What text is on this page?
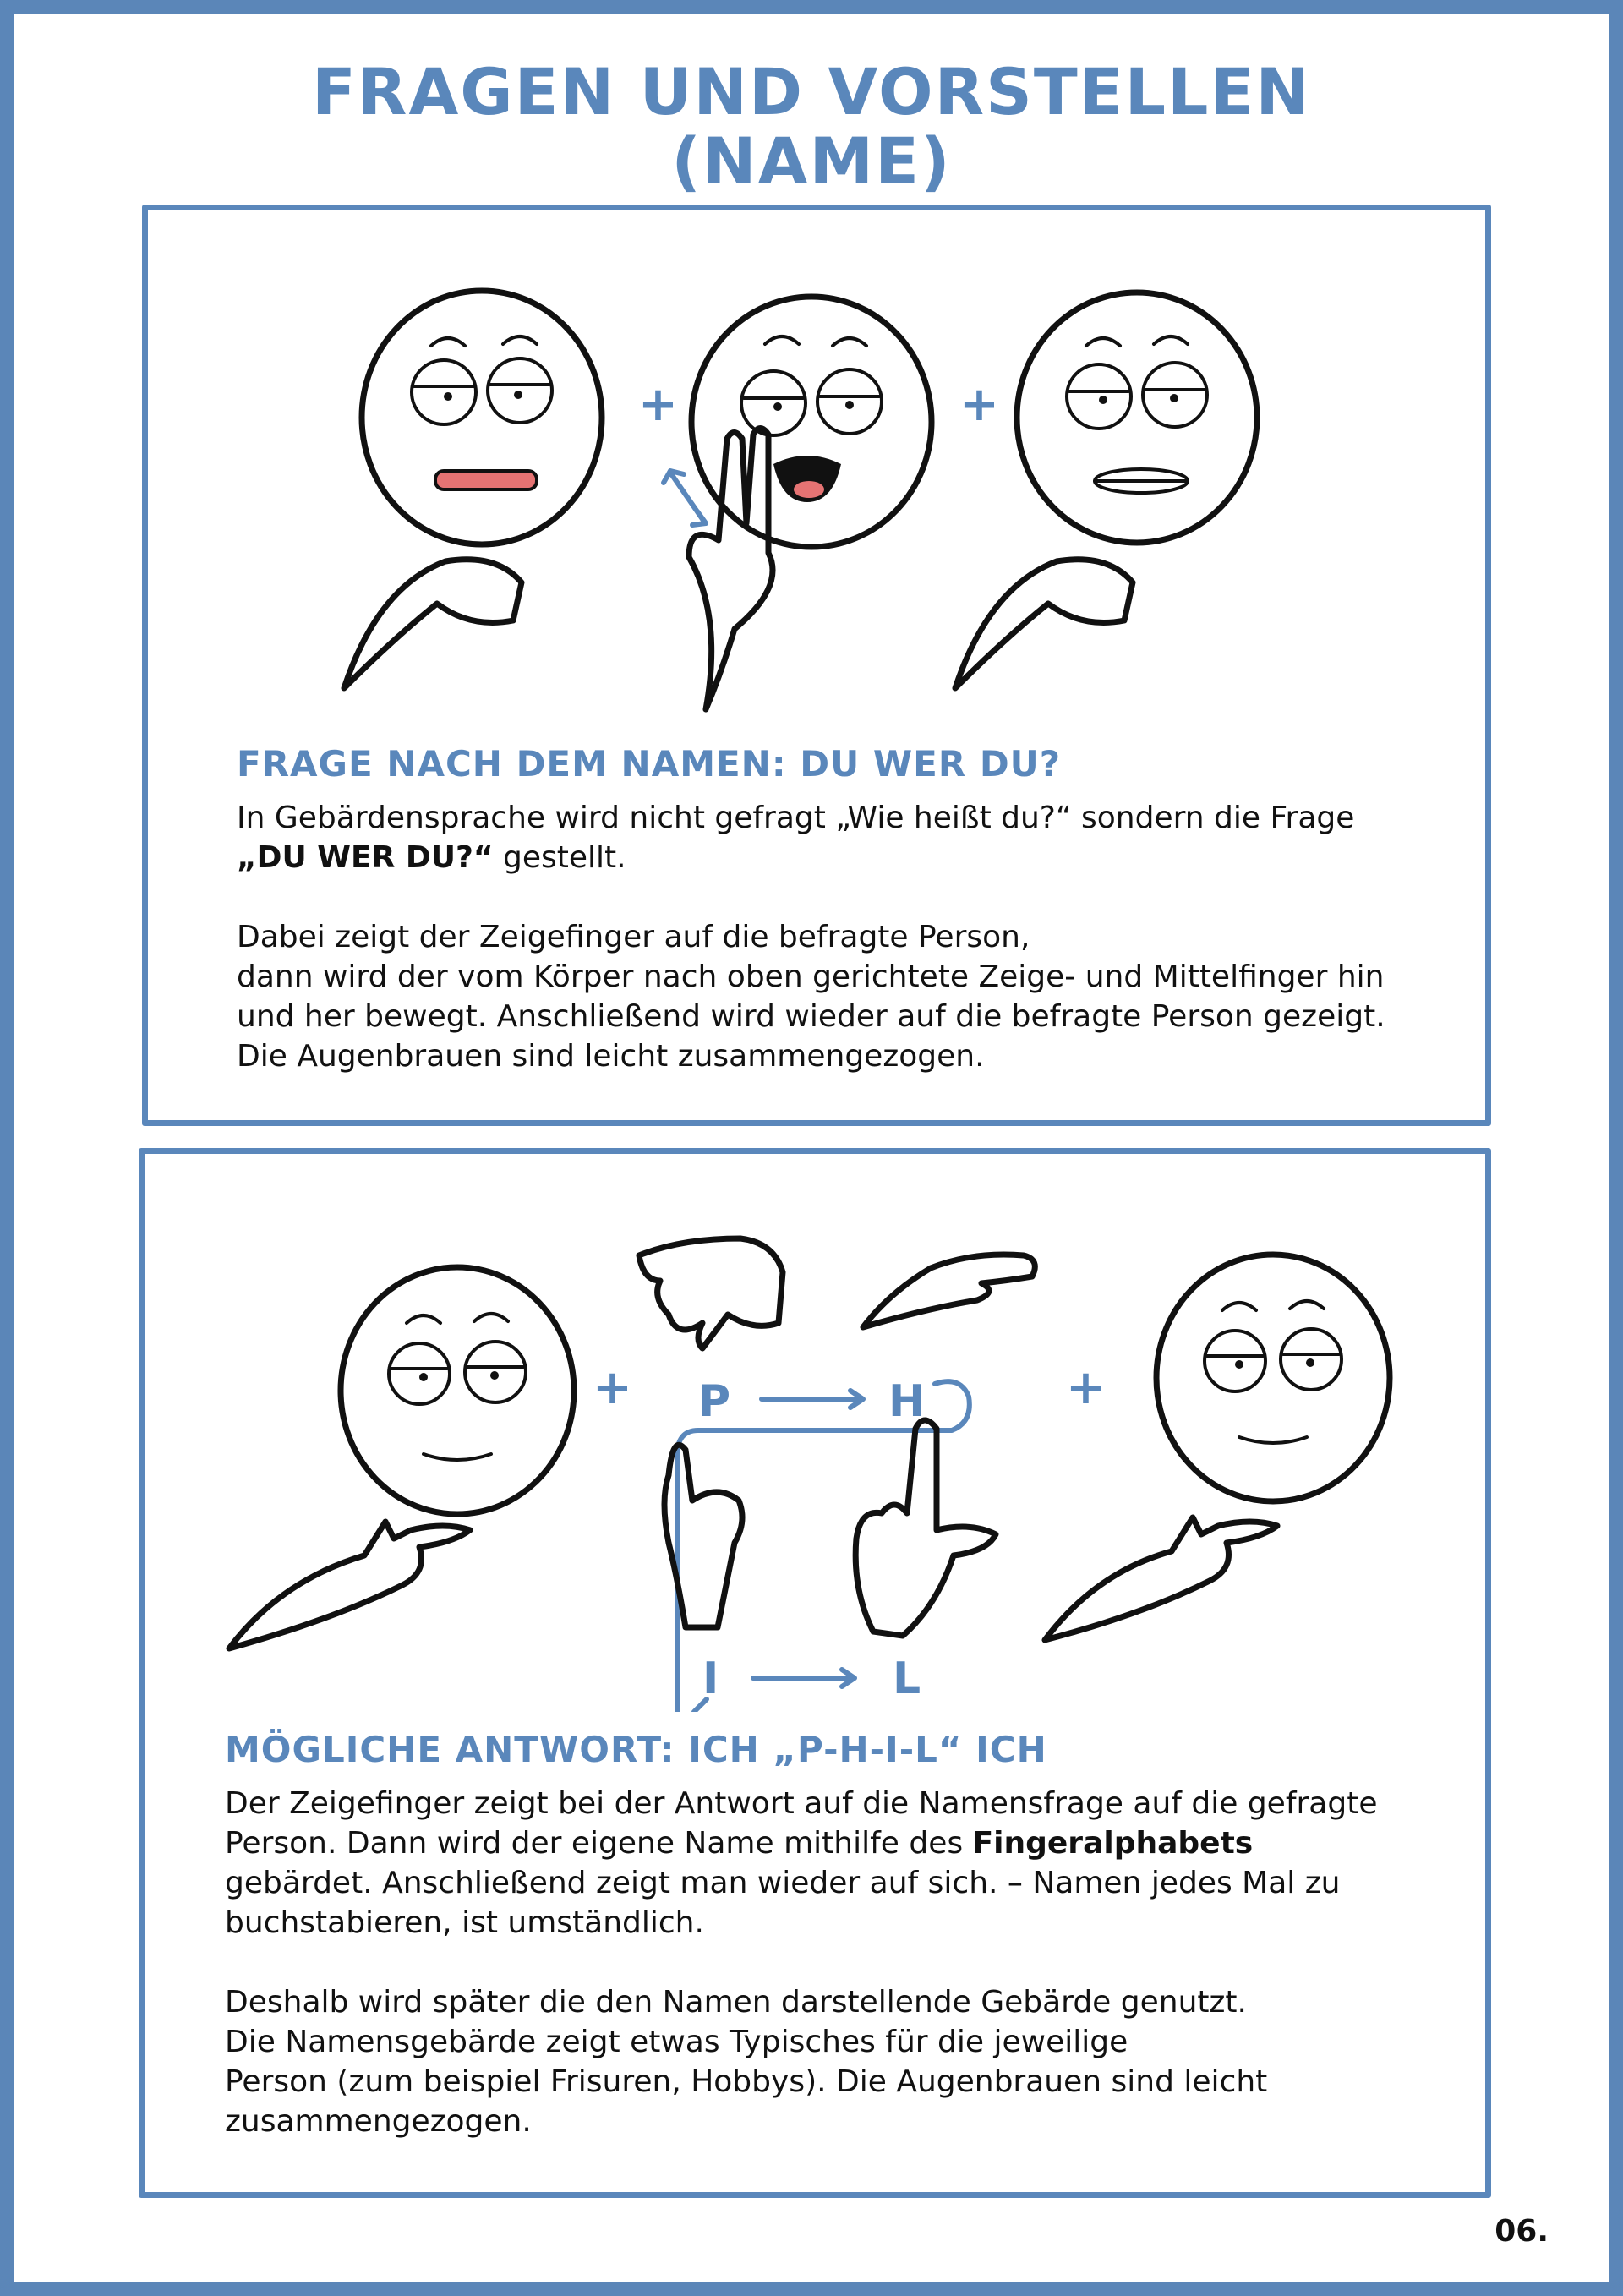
FRAGEN UND VORSTELLEN
(NAME)
+	+
FRAGE NACH DEM NAMEN: DU WER DU?

In Gebärdensprache wird nicht gefragt „Wie heißt du?“ sondern die Frage

„DU WER DU?“ gestellt.

Dabei zeigt der Zeigefinger auf die befragte Person,

dann wird der vom Körper nach oben gerichtete Zeige- und Mittelfinger hin

und her bewegt. Anschließend wird wieder auf die befragte Person gezeigt.

Die Augenbrauen sind leicht zusammengezogen.

+ P	H
I	L
+
MÖGLICHE ANTWORT: ICH „P-H-I-L“ ICH

Der Zeigefinger zeigt bei der Antwort auf die Namensfrage auf die gefragte

Person. Dann wird der eigene Name mithilfe des Fingeralphabets

gebärdet. Anschließend zeigt man wieder auf sich. – Namen jedes Mal zu

buchstabieren, ist umständlich.

Deshalb wird später die den Namen darstellende Gebärde genutzt.

Die Namensgebärde zeigt etwas Typisches für die jeweilige

Person (zum beispiel Frisuren, Hobbys). Die Augenbrauen sind leicht

zusammengezogen.

06.
